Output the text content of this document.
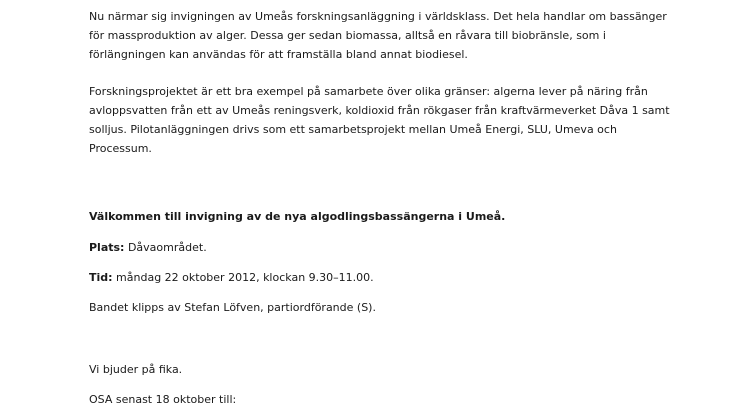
Nu närmar sig invigningen av Umeås forskningsanläggning i världsklass. Det hela handlar om bassänger
för massproduktion av alger. Dessa ger sedan biomassa, alltså en råvara till biobränsle, som i
förlängningen kan användas för att framställa bland annat biodiesel.
Forskningsprojektet är ett bra exempel på samarbete över olika gränser: algerna lever på näring från
avloppsvatten från ett av Umeås reningsverk, koldioxid från rökgaser från kraftvärmeverket Dåva 1 samt
solljus. Pilotanläggningen drivs som ett samarbetsprojekt mellan Umeå Energi, SLU, Umeva och
Processum.
Välkommen till invigning av de nya algodlingsbassängerna i Umeå.
Plats: Dåvaområdet.
Tid: måndag 22 oktober 2012, klockan 9.30–11.00.
Bandet klipps av Stefan Löfven, partiordförande (S).
Vi bjuder på fika.
OSA senast 18 oktober till:
